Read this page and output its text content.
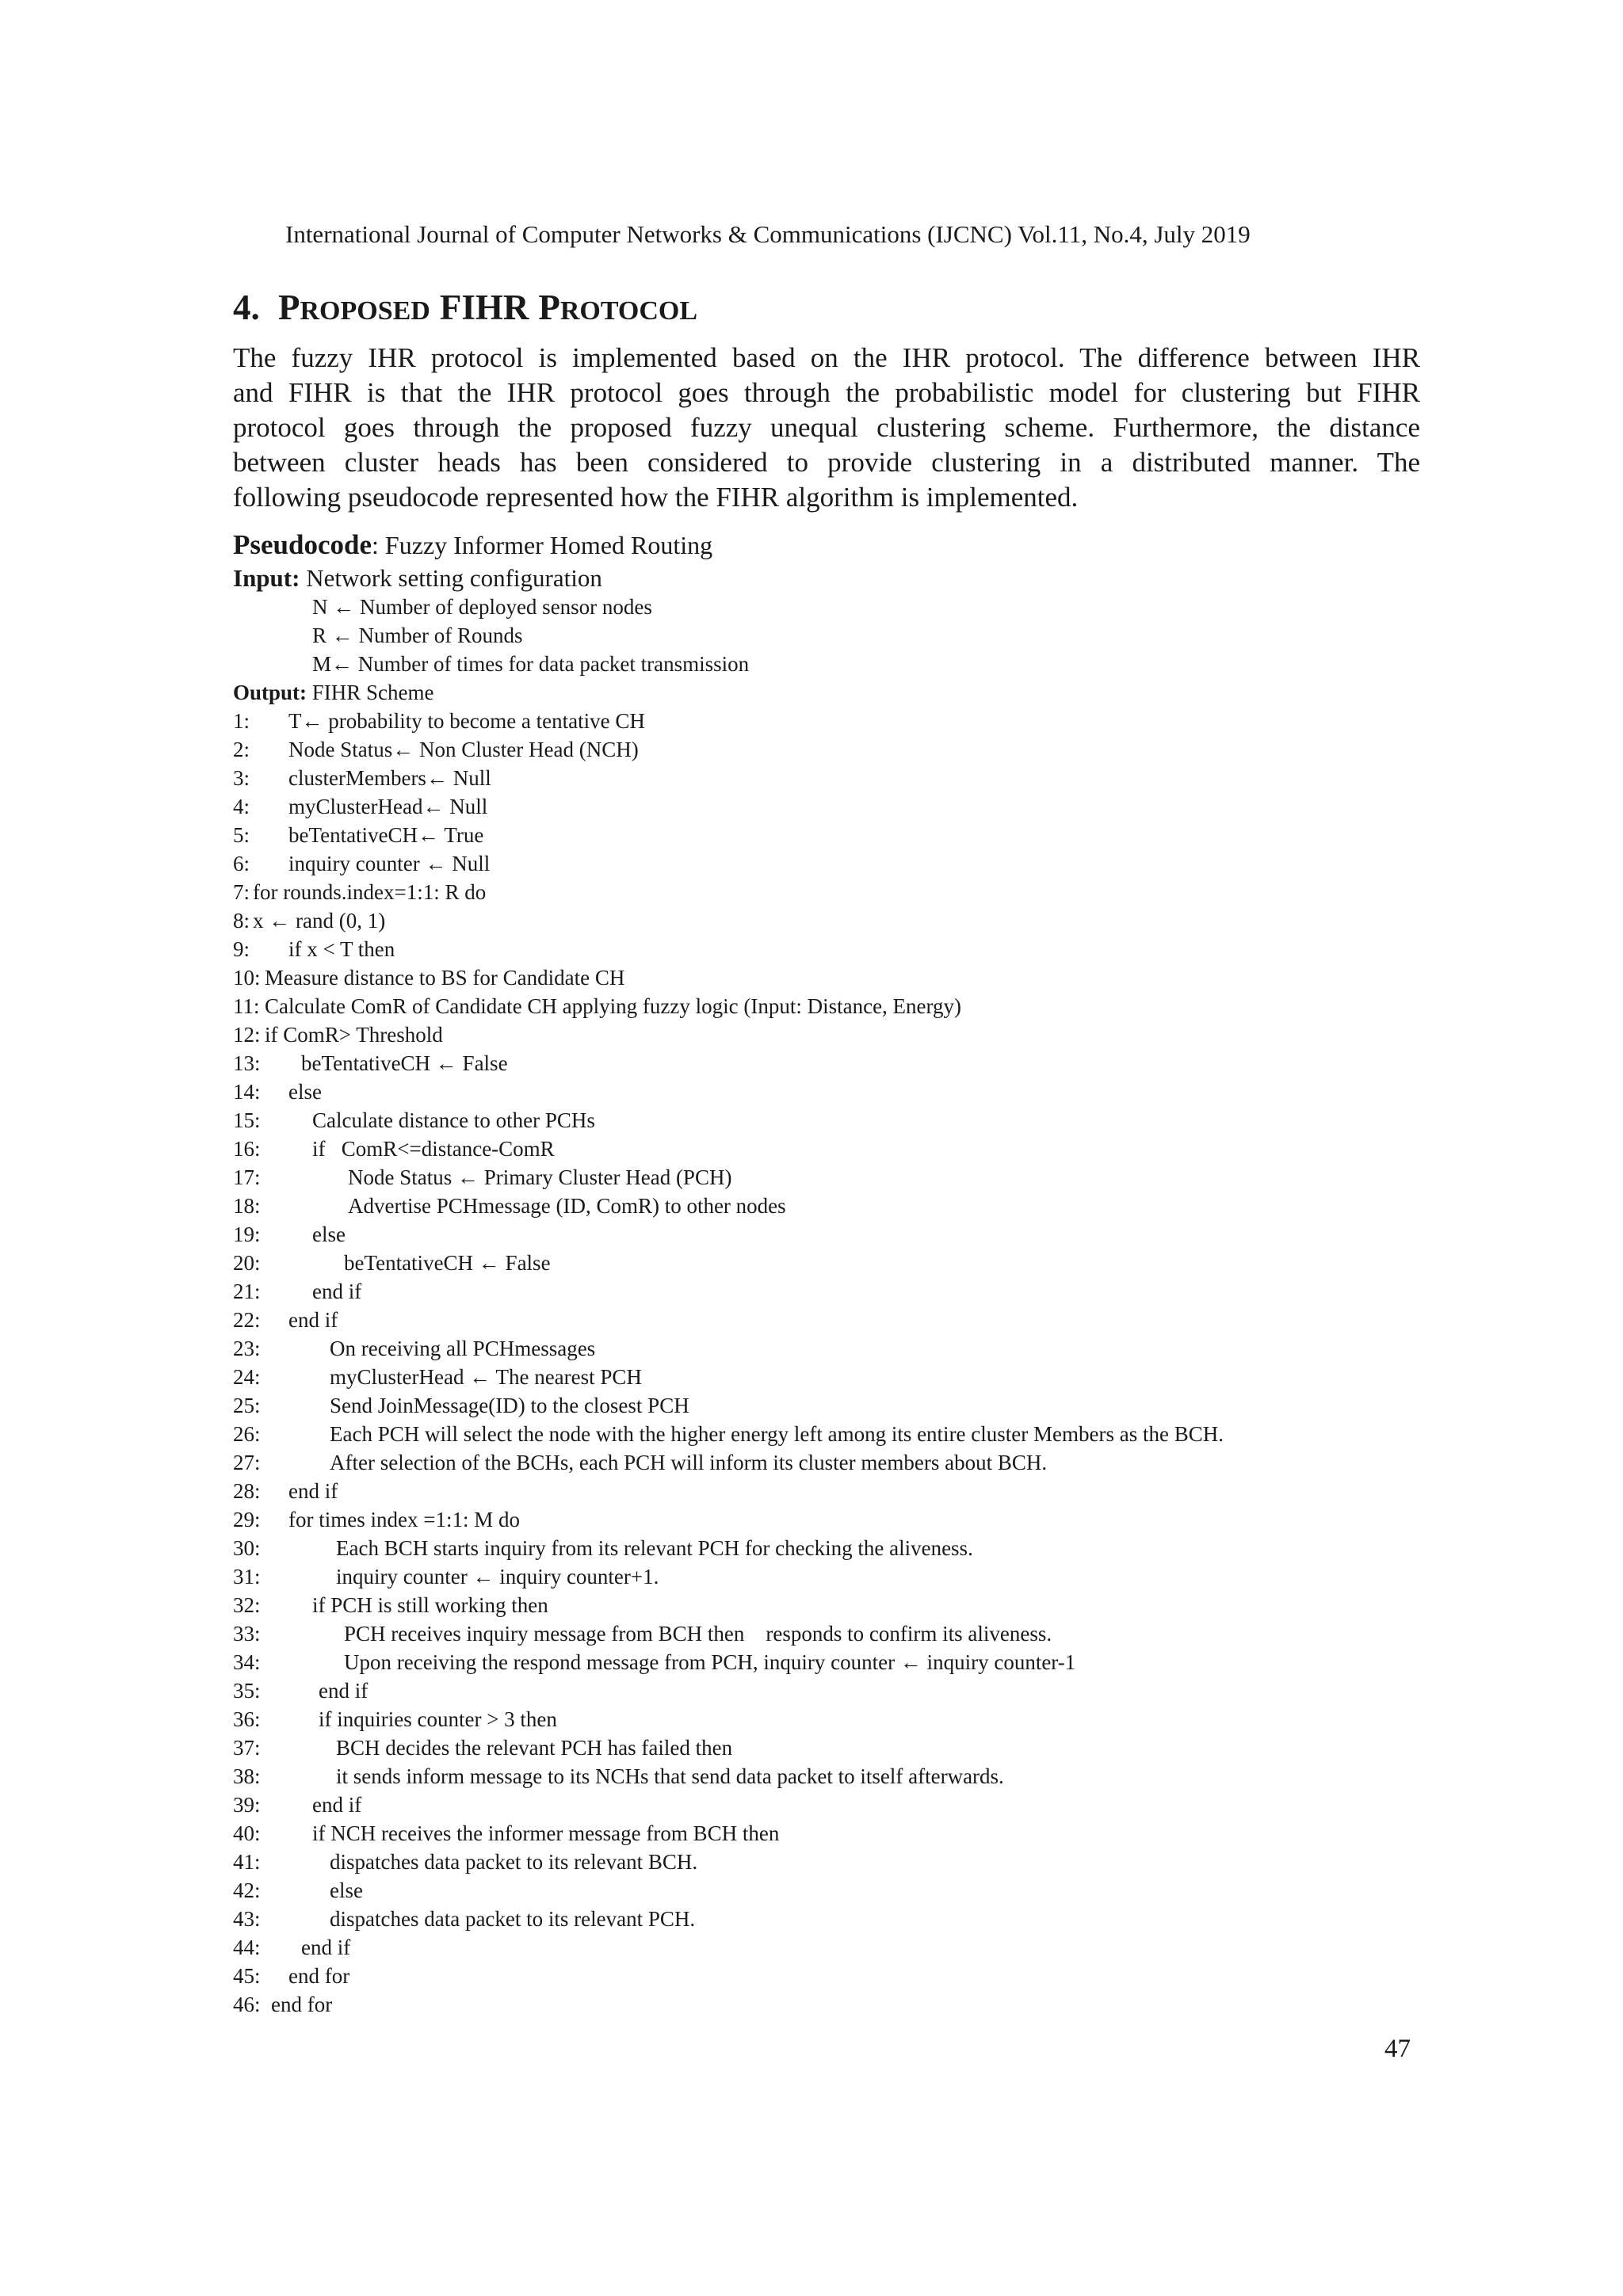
International Journal of Computer Networks & Communications (IJCNC) Vol.11, No.4, July 2019
4. PROPOSED FIHR PROTOCOL
The fuzzy IHR protocol is implemented based on the IHR protocol. The difference between IHR
and FIHR is that the IHR protocol goes through the probabilistic model for clustering but FIHR
protocol goes through the proposed fuzzy unequal clustering scheme. Furthermore, the distance
between cluster heads has been considered to provide clustering in a distributed manner. The
following pseudocode represented how the FIHR algorithm is implemented.
Pseudocode: Fuzzy Informer Homed Routing
Input: Network setting configuration
N ← Number of deployed sensor nodes
R ← Number of Rounds
M← Number of times for data packet transmission
Output: FIHR Scheme
1: T← probability to become a tentative CH
2: Node Status← Non Cluster Head (NCH)
3: clusterMembers← Null
4: myClusterHead← Null
5: beTentativeCH← True
6: inquiry counter ← Null
7: for rounds.index=1:1: R do
8: x ← rand (0, 1)
9: if x < T then
10: Measure distance to BS for Candidate CH
11: Calculate ComR of Candidate CH applying fuzzy logic (Input: Distance, Energy)
12: if ComR> Threshold
13: beTentativeCH ← False
14: else
15: Calculate distance to other PCHs
16: if   ComR<=distance-ComR
17:	Node Status ← Primary Cluster Head (PCH)
18:	Advertise PCHmessage (ID, ComR) to other nodes
19: else
20:	beTentativeCH ← False
21: end if
22: end if
23:	On receiving all PCHmessages
24:	myClusterHead ← The nearest PCH
25:	Send JoinMessage(ID) to the closest PCH
26:	Each PCH will select the node with the higher energy left among its entire cluster Members as the BCH.
27:	After selection of the BCHs, each PCH will inform its cluster members about BCH.
28: end if
29: for times index =1:1: M do
30:	Each BCH starts inquiry from its relevant PCH for checking the aliveness.
31:	inquiry counter ← inquiry counter+1.
32: if PCH is still working then
33:	PCH receives inquiry message from BCH then    responds to confirm its aliveness.
34:	Upon receiving the respond message from PCH, inquiry counter ← inquiry counter-1
35:	end if
36:	if inquiries counter > 3 then
37:	BCH decides the relevant PCH has failed then
38:	it sends inform message to its NCHs that send data packet to itself afterwards.
39: end if
40: if NCH receives the informer message from BCH then
41:	dispatches data packet to its relevant BCH.
42:	else
43:	dispatches data packet to its relevant PCH.
44: end if
45: end for
46: end for
47
